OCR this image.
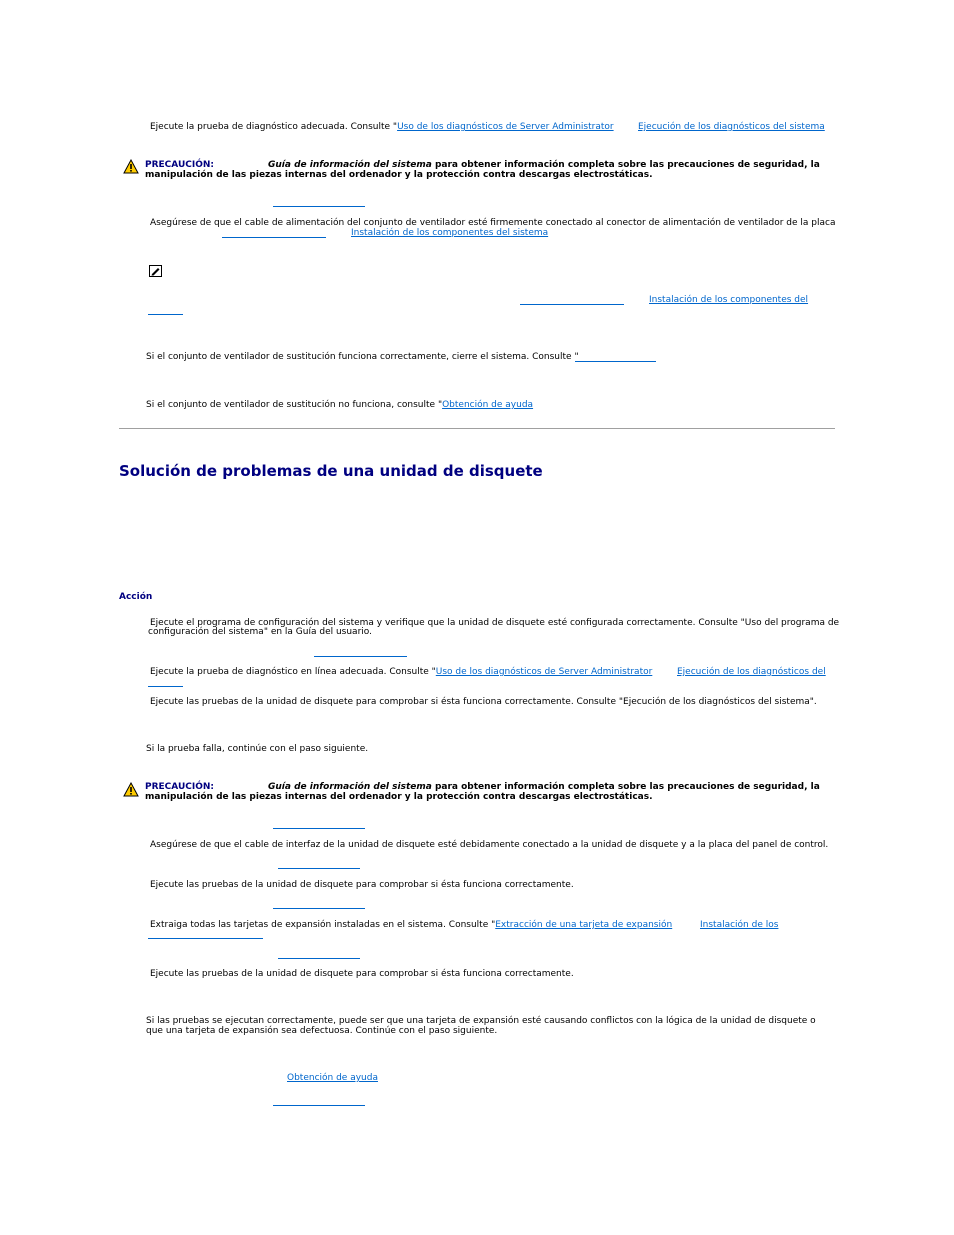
Ejecute la prueba de diagnóstico adecuada. Consulte "Uso de los diagnósticos de Server Administrator	Ejecución de los diagnósticos del sistema
PRECAUCIÓN:	Guía de información del sistema para obtener información completa sobre las precauciones de seguridad, la
manipulación de las piezas internas del ordenador y la protección contra descargas electrostáticas.
Asegúrese de que el cable de alimentación del conjunto de ventilador esté firmemente conectado al conector de alimentación de ventilador de la placa
Instalación de los componentes del sistema
Instalación de los componentes del
Si el conjunto de ventilador de sustitución funciona correctamente, cierre el sistema. Consulte "
Si el conjunto de ventilador de sustitución no funciona, consulte "Obtención de ayuda
Solución de problemas de una unidad de disquete
Acción
Ejecute el programa de configuración del sistema y verifique que la unidad de disquete esté configurada correctamente. Consulte "Uso del programa de
configuración del sistema" en la Guía del usuario.
Ejecute la prueba de diagnóstico en línea adecuada. Consulte "Uso de los diagnósticos de Server Administrator	Ejecución de los diagnósticos del
Ejecute las pruebas de la unidad de disquete para comprobar si ésta funciona correctamente. Consulte "Ejecución de los diagnósticos del sistema".
Si la prueba falla, continúe con el paso siguiente.
PRECAUCIÓN:	Guía de información del sistema para obtener información completa sobre las precauciones de seguridad, la
manipulación de las piezas internas del ordenador y la protección contra descargas electrostáticas.
Asegúrese de que el cable de interfaz de la unidad de disquete esté debidamente conectado a la unidad de disquete y a la placa del panel de control.
Ejecute las pruebas de la unidad de disquete para comprobar si ésta funciona correctamente.
Extraiga todas las tarjetas de expansión instaladas en el sistema. Consulte "Extracción de una tarjeta de expansión	Instalación de los
Ejecute las pruebas de la unidad de disquete para comprobar si ésta funciona correctamente.
Si las pruebas se ejecutan correctamente, puede ser que una tarjeta de expansión esté causando conflictos con la lógica de la unidad de disquete o
que una tarjeta de expansión sea defectuosa. Continúe con el paso siguiente.
Obtención de ayuda
